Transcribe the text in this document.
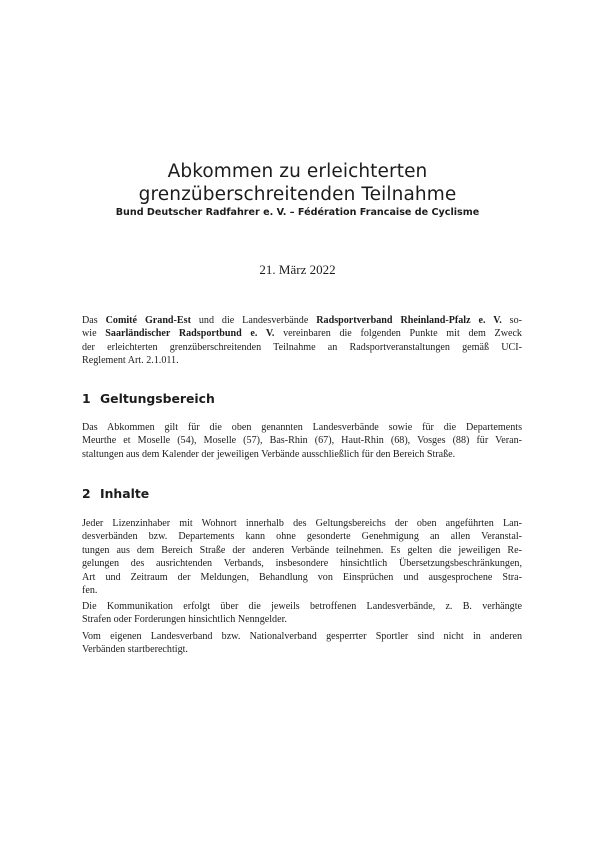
Abkommen zu erleichterten
grenzüberschreitenden Teilnahme
Bund Deutscher Radfahrer e. V. – Fédération Francaise de Cyclisme
21. März 2022
Das Comité Grand-Est und die Landesverbände Radsportverband Rheinland-Pfalz e. V. so-
wie Saarländischer Radsportbund e. V. vereinbaren die folgenden Punkte mit dem Zweck
der erleichterten grenzüberschreitenden Teilnahme an Radsportveranstaltungen gemäß UCI-
Reglement Art. 2.1.011.
1 Geltungsbereich
Das Abkommen gilt für die oben genannten Landesverbände sowie für die Departements
Meurthe et Moselle (54), Moselle (57), Bas-Rhin (67), Haut-Rhin (68), Vosges (88) für Veran-
staltungen aus dem Kalender der jeweiligen Verbände ausschließlich für den Bereich Straße.
2 Inhalte
Jeder Lizenzinhaber mit Wohnort innerhalb des Geltungsbereichs der oben angeführten Lan-
desverbänden bzw. Departements kann ohne gesonderte Genehmigung an allen Veranstal-
tungen aus dem Bereich Straße der anderen Verbände teilnehmen. Es gelten die jeweiligen Re-
gelungen des ausrichtenden Verbands, insbesondere hinsichtlich Übersetzungsbeschränkungen,
Art und Zeitraum der Meldungen, Behandlung von Einsprüchen und ausgesprochene Stra-
fen.
Die Kommunikation erfolgt über die jeweils betroffenen Landesverbände, z. B. verhängte
Strafen oder Forderungen hinsichtlich Nenngelder.
Vom eigenen Landesverband bzw. Nationalverband gesperrter Sportler sind nicht in anderen
Verbänden startberechtigt.
